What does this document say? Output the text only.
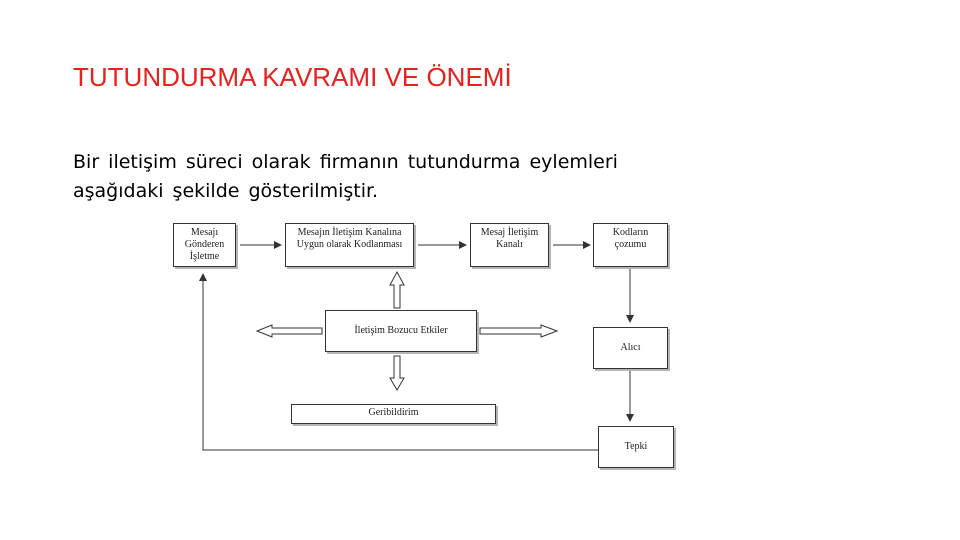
TUTUNDURMA KAVRAMI VE ÖNEMİ
Bir iletişim süreci olarak firmanın tutundurma eylemleri
aşağıdaki şekilde gösterilmiştir.
Mesajı Gönderen İşletme
Mesajın İletişim Kanalına Uygun olarak Kodlanması
Mesaj İletişim Kanalı
Kodların çozumu
İletişim Bozucu Etkiler
Alıcı
Geribildirim
Tepki
